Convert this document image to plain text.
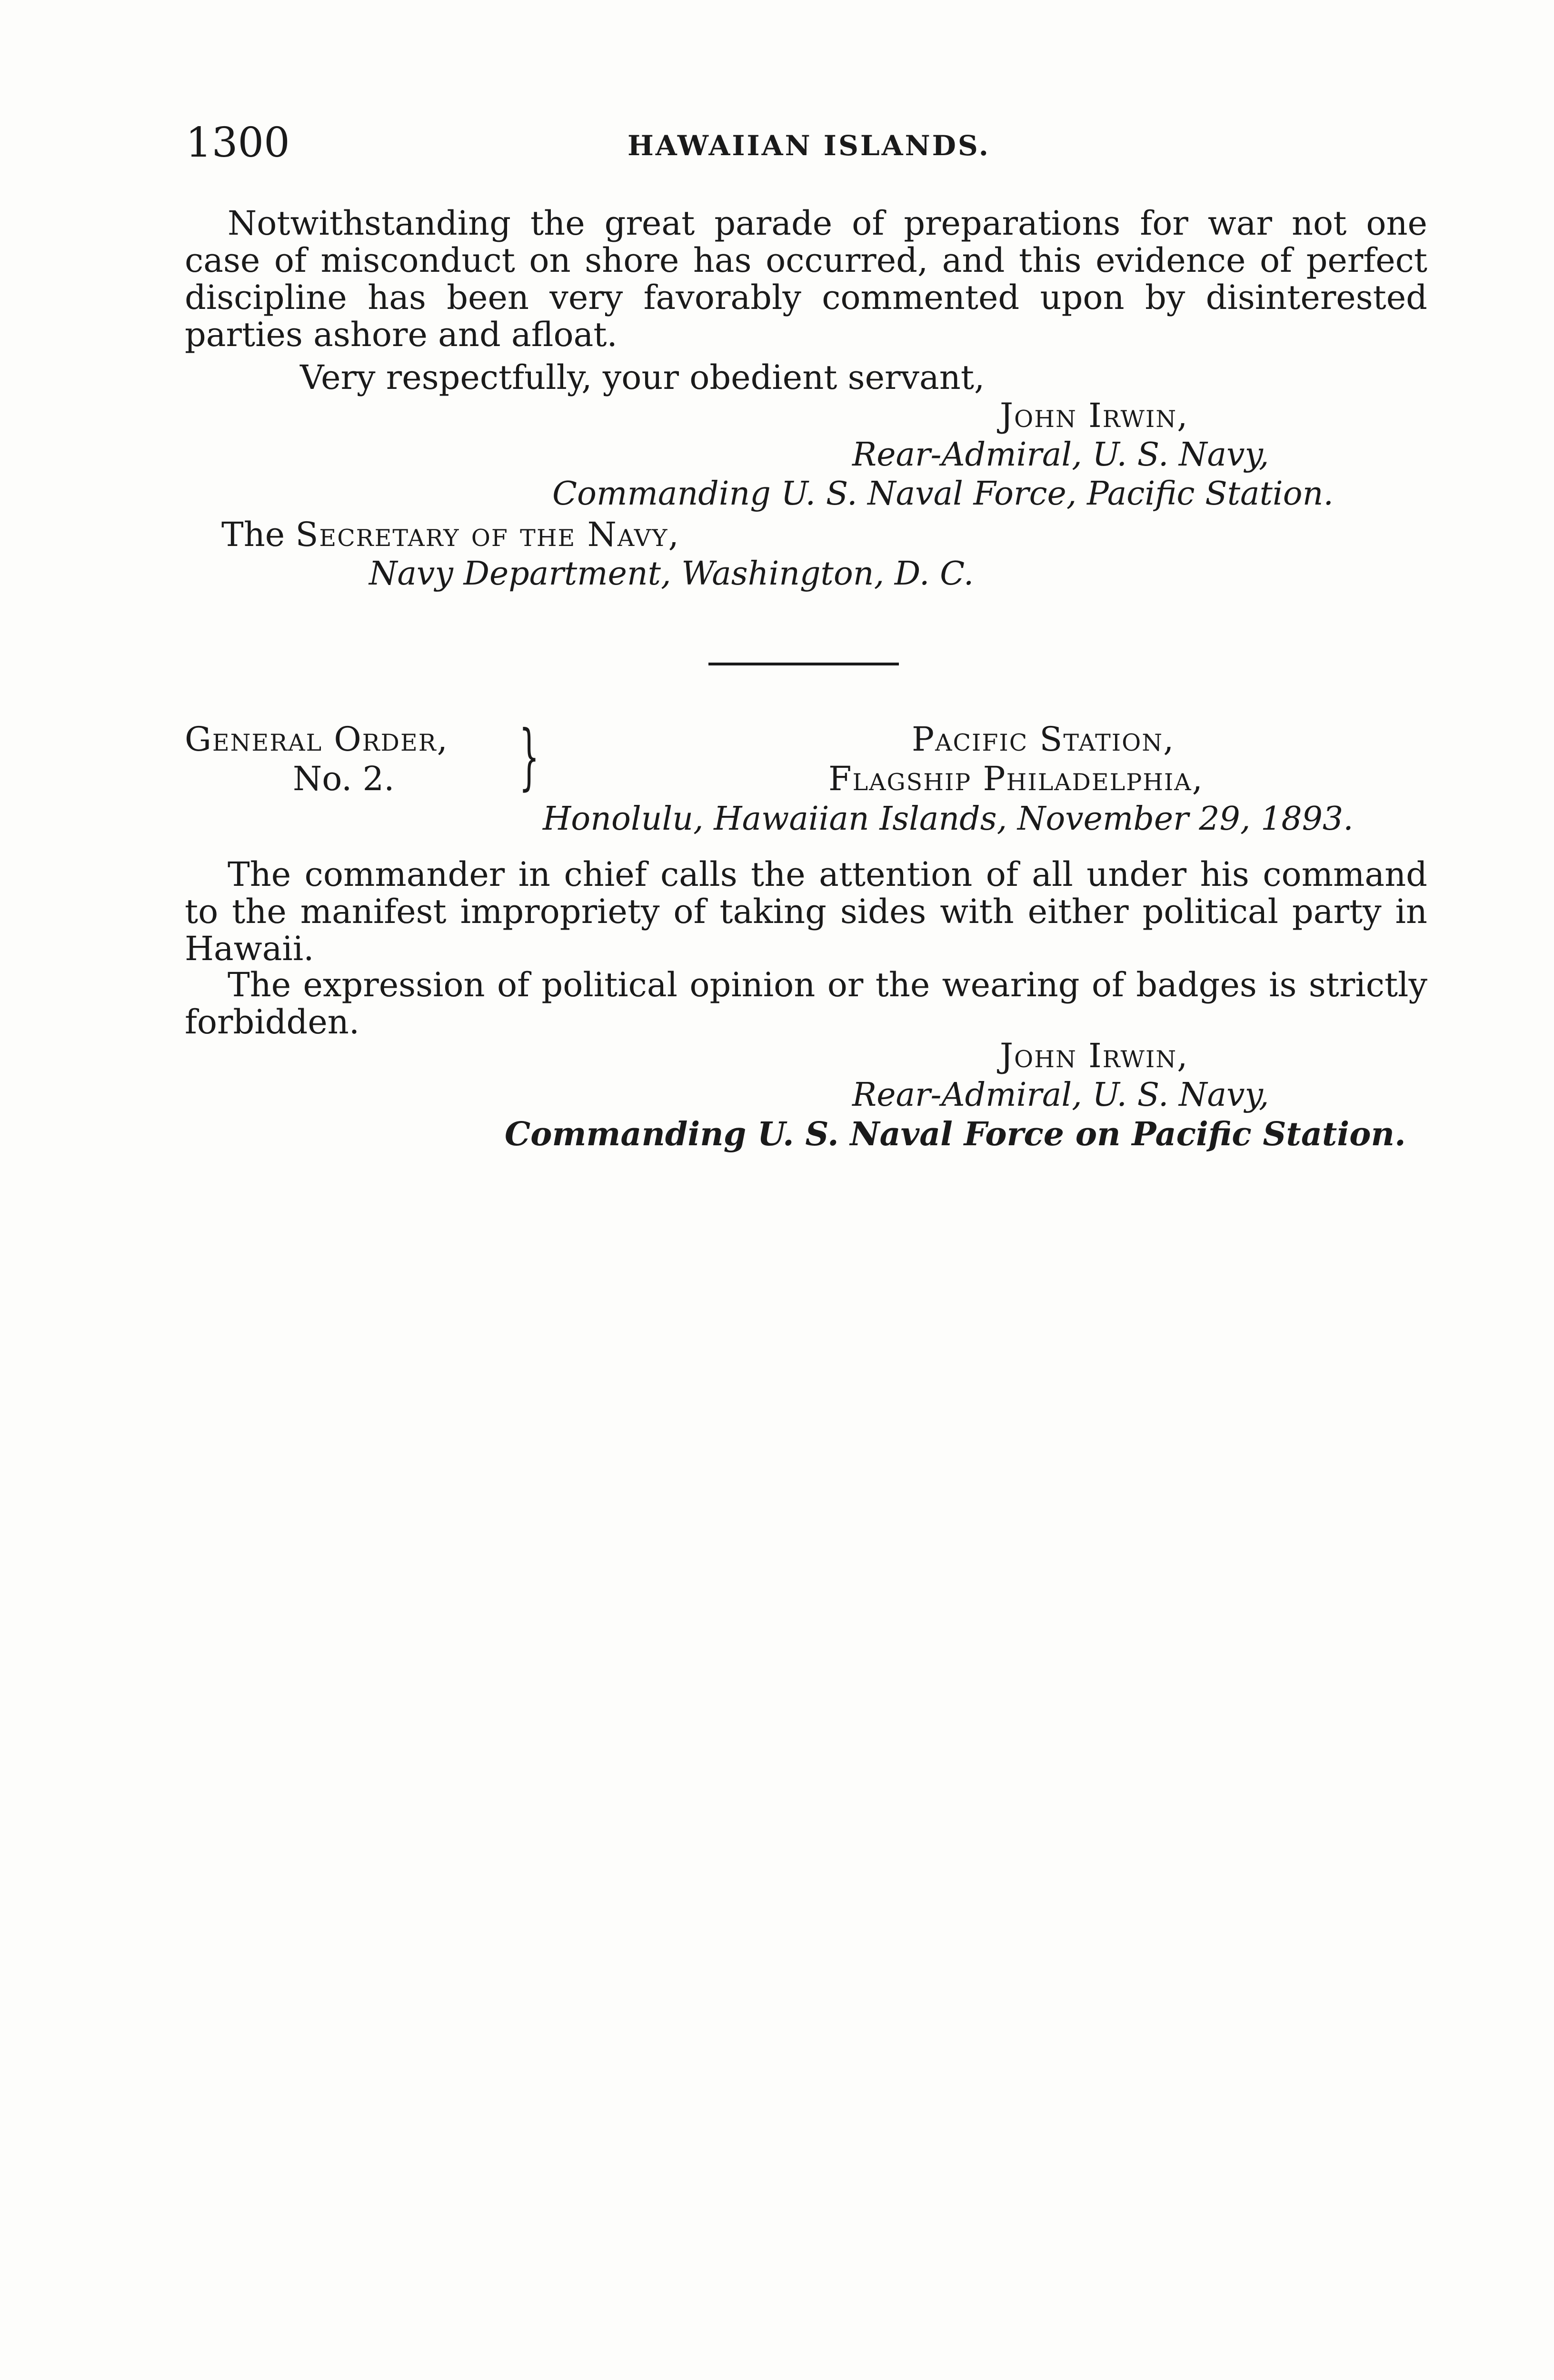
1300	HAWAIIAN ISLANDS.
Notwithstanding the great parade of preparations for war not one case of misconduct on shore has occurred, and this evidence of perfect discipline has been very favorably commented upon by disinterested parties ashore and afloat.
Very respectfully, your obedient servant,
John Irwin,
Rear-Admiral, U. S. Navy,
Commanding U. S. Naval Force, Pacific Station.
The Secretary of the Navy,
Navy Department, Washington, D. C.
General Order,
No. 2. }	Pacific Station,
Flagship Philadelphia,
Honolulu, Hawaiian Islands, November 29, 1893.
The commander in chief calls the attention of all under his command to the manifest impropriety of taking sides with either political party in Hawaii.
The expression of political opinion or the wearing of badges is strictly forbidden.
John Irwin,
Rear-Admiral, U. S. Navy,
Commanding U. S. Naval Force on Pacific Station.
